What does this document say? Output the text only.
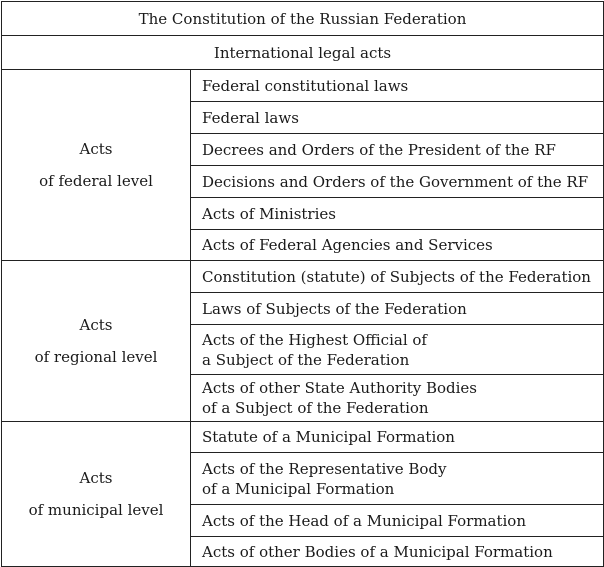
The Constitution of the Russian Federation	
International legal acts	

Acts
of federal level	Federal constitutional laws
	Federal laws
	Decrees and Orders of the President of the RF
	Decisions and Orders of the Government of the RF
	Acts of Ministries
	Acts of Federal Agencies and Services

Acts
of regional level	Constitution (statute) of Subjects of the Federation
	Laws of Subjects of the Federation

	Acts of the Highest Official of
a Subject of the Federation

	Acts of other State Authority Bodies
of a Subject of the Federation

Acts
of municipal level	Statute of a Municipal Formation

	Acts of the Representative Body
of a Municipal Formation

	Acts of the Head of a Municipal Formation
	Acts of other Bodies of a Municipal Formation
